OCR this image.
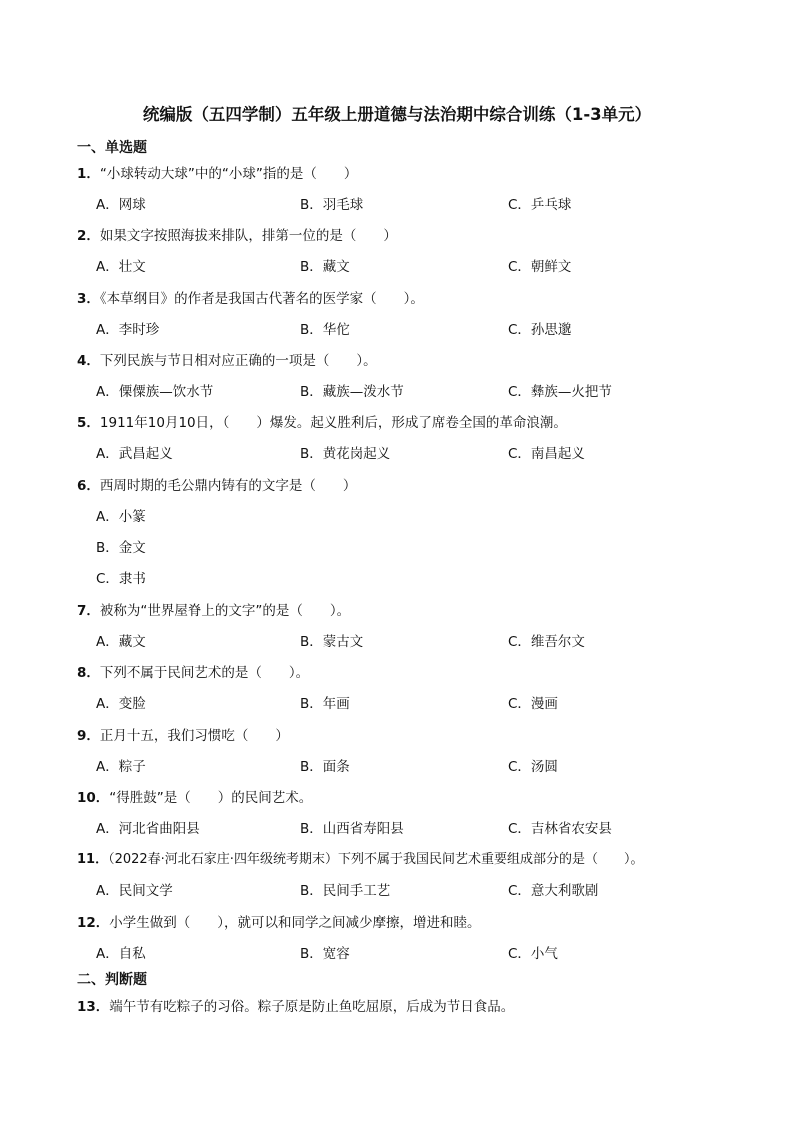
统编版（五四学制）五年级上册道德与法治期中综合训练（1-3单元）
一、单选题
1．“小球转动大球”中的“小球”指的是（　　）
A．网球	B．羽毛球	C．乒乓球
2．如果文字按照海拔来排队，排第一位的是（　　）
A．壮文	B．藏文	C．朝鲜文
3．《本草纲目》的作者是我国古代著名的医学家（　　）。
A．李时珍	B．华佗	C．孙思邈
4．下列民族与节日相对应正确的一项是（　　）。
A．傈僳族—饮水节	B．藏族—泼水节	C．彝族—火把节
5．1911年10月10日，（　　）爆发。起义胜利后，形成了席卷全国的革命浪潮。
A．武昌起义	B．黄花岗起义	C．南昌起义
6．西周时期的毛公鼎内铸有的文字是（　　）
A．小篆
B．金文
C．隶书
7．被称为“世界屋脊上的文字”的是（　　）。
A．藏文	B．蒙古文	C．维吾尔文
8．下列不属于民间艺术的是（　　）。
A．变脸	B．年画	C．漫画
9．正月十五，我们习惯吃（　　）
A．粽子	B．面条	C．汤圆
10．“得胜鼓”是（　　）的民间艺术。
A．河北省曲阳县	B．山西省寿阳县	C．吉林省农安县
11．（2022春·河北石家庄·四年级统考期末）下列不属于我国民间艺术重要组成部分的是（　　）。
A．民间文学	B．民间手工艺	C．意大利歌剧
12．小学生做到（　　），就可以和同学之间减少摩擦，增进和睦。
A．自私	B．宽容	C．小气
二、判断题
13．端午节有吃粽子的习俗。粽子原是防止鱼吃屈原，后成为节日食品。
